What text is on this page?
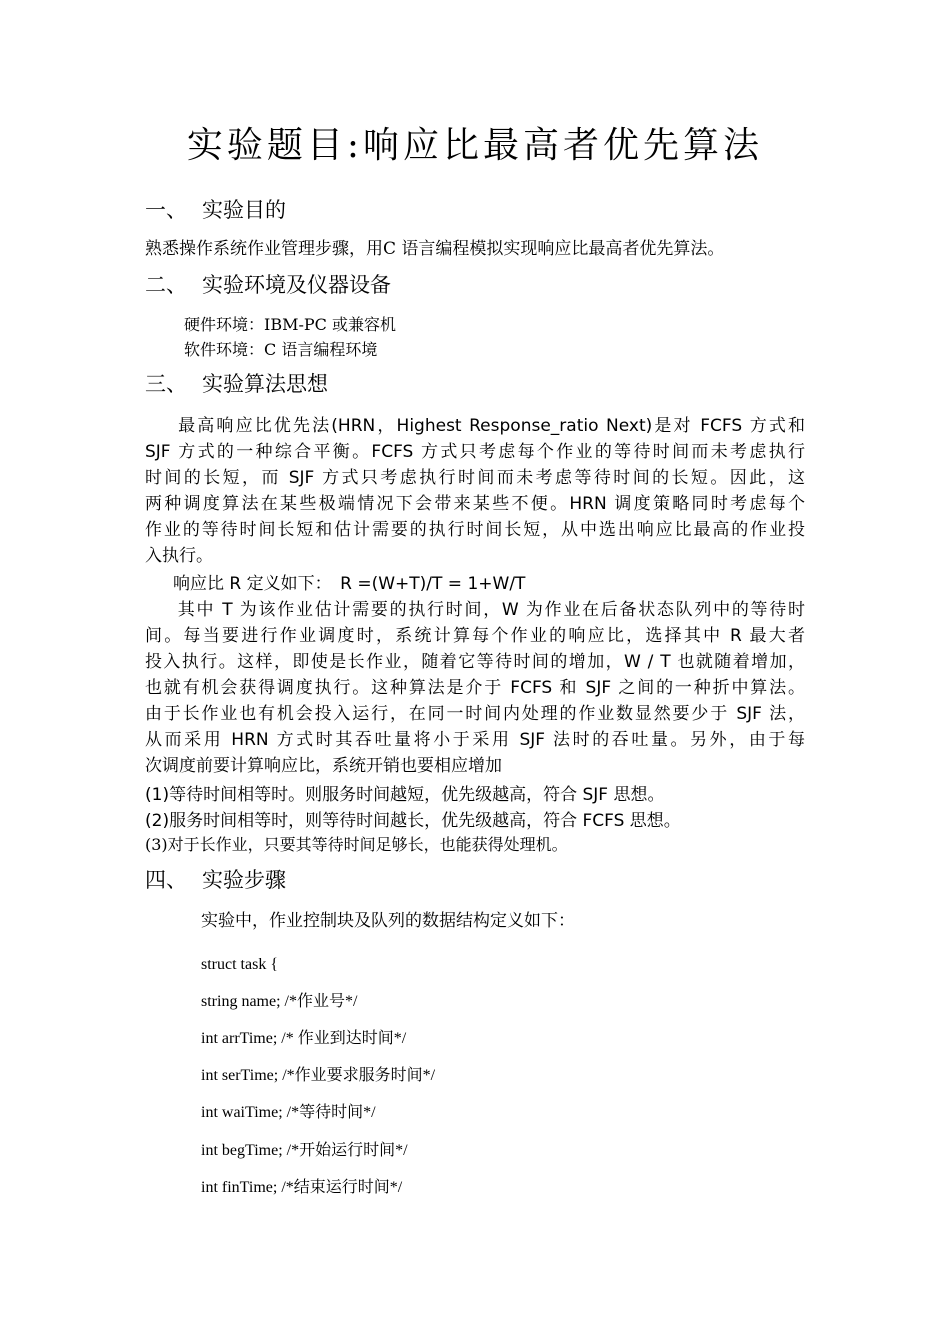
实验题目:响应比最高者优先算法
一、 实验目的
熟悉操作系统作业管理步骤，用C 语言编程模拟实现响应比最高者优先算法。
二、 实验环境及仪器设备
硬件环境：IBM-PC 或兼容机
软件环境：C 语言编程环境
三、 实验算法思想
　最高响应比优先法(HRN，Highest Response_ratio Next)是对 FCFS 方式和
SJF 方式的一种综合平衡。FCFS 方式只考虑每个作业的等待时间而未考虑执行
时间的长短，而 SJF 方式只考虑执行时间而未考虑等待时间的长短。因此，这
两种调度算法在某些极端情况下会带来某些不便。HRN 调度策略同时考虑每个
作业的等待时间长短和估计需要的执行时间长短，从中选出响应比最高的作业投
入执行。
响应比 R 定义如下：　R =(W+T)/T = 1+W/T
　其中 T 为该作业估计需要的执行时间，W 为作业在后备状态队列中的等待时
间。每当要进行作业调度时，系统计算每个作业的响应比，选择其中 R 最大者
投入执行。这样，即使是长作业，随着它等待时间的增加，W / T 也就随着增加，
也就有机会获得调度执行。这种算法是介于 FCFS 和 SJF 之间的一种折中算法。
由于长作业也有机会投入运行，在同一时间内处理的作业数显然要少于 SJF 法，
从而采用 HRN 方式时其吞吐量将小于采用 SJF 法时的吞吐量。另外，由于每
次调度前要计算响应比，系统开销也要相应增加
(1)等待时间相等时。则服务时间越短，优先级越高，符合 SJF 思想。
(2)服务时间相等时，则等待时间越长，优先级越高，符合 FCFS 思想。
(3)对于长作业，只要其等待时间足够长，也能获得处理机。
四、 实验步骤
实验中，作业控制块及队列的数据结构定义如下：
struct task {
string name; /*作业号*/
int arrTime; /* 作业到达时间*/
int serTime; /*作业要求服务时间*/
int waiTime; /*等待时间*/
int begTime; /*开始运行时间*/
int finTime; /*结束运行时间*/
